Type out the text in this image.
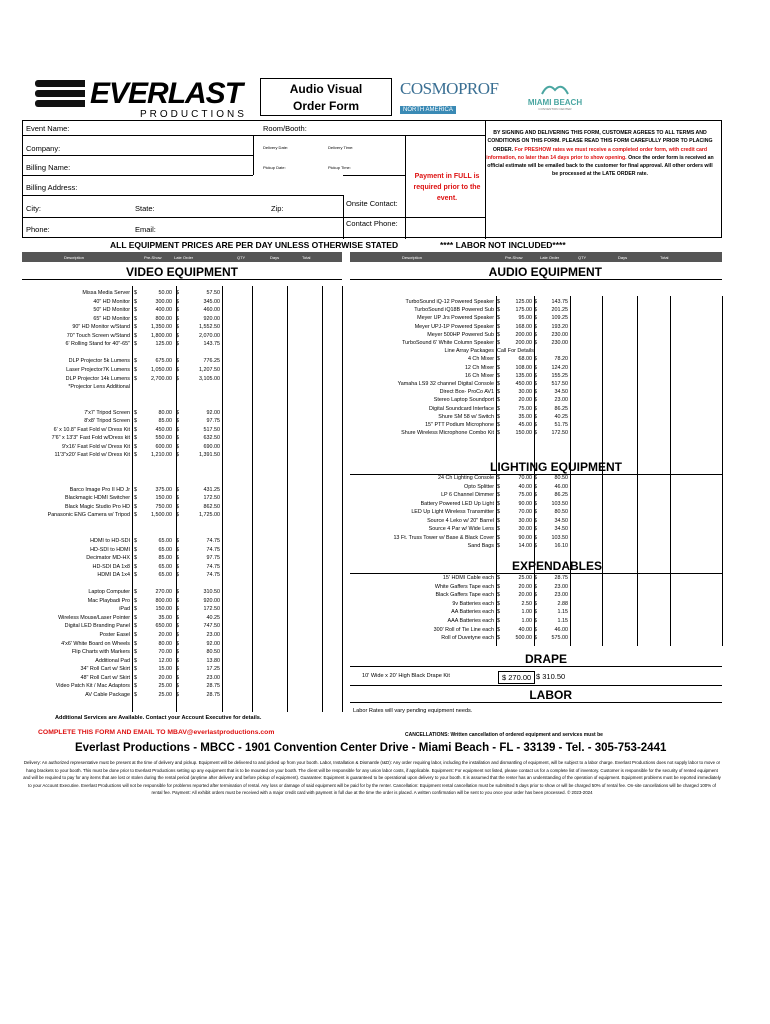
EVERLAST
PRODUCTIONS
Audio Visual
Order Form
COSMOPROF
NORTH AMERICA
MIAMI BEACH
CONVENTION CENTER
Event Name:	Room/Booth:
Company:	Delivery Date:	Delivery Time:
Billing Name:	Pickup Date:	Pickup Time:
Billing Address:
City:	State:	Zip:
Phone:	Email:
Onsite Contact:
Contact Phone:
Payment in FULL is required prior to the event.
BY SIGNING AND DELIVERING THIS FORM, CUSTOMER AGREES TO ALL TERMS AND CONDITIONS ON THIS FORM. PLEASE READ THIS FORM CAREFULLY PRIOR TO PLACING ORDER. For PRESHOW rates we must receive a completed order form, with credit card information, no later than 14 days prior to show opening. Once the order form is received an official estimate will be emailed back to the customer for final approval. All other orders will be processed at the LATE ORDER rate.
ALL EQUIPMENT PRICES ARE PER DAY UNLESS OTHERWISE STATED	**** LABOR NOT INCLUDED****
Description	Pre-Show	Late Order	QTY	Days	Total	Description	Pre-Show	Late Order	QTY	Days	Total
VIDEO EQUIPMENT	AUDIO EQUIPMENT
Missa Media Server $	50.00 $	57.50
40" HD Monitor $	300.00 $	345.00
50" HD Monitor $	400.00 $	460.00
65" HD Monitor $	800.00 $	920.00
90" HD Monitor w/Stand $	1,350.00 $	1,552.50
70" Touch Screen w/Stand $	1,800.00 $	2,070.00
6' Rolling Stand for 40"-65" $	125.00 $	143.75
DLP Projector 5k Lumens $	675.00 $	776.25
Laser Projector7K Lumens $	1,050.00 $	1,207.50
DLP Projector 14k Lumens $	2,700.00 $	3,105.00
*Projector Lens Additional
7'x7' Tripod Screen $	80.00 $	92.00
8'x8' Tripod Screen $	85.00 $	97.75
6' x 10.8" Fast Fold w/ Dress Kit $	450.00 $	517.50
7'6" x 13'3" Fast Fold w/Dress kit $	550.00 $	632.50
9'x16' Fast Fold w/ Dress Kit $	600.00 $	690.00
11'3"x20' Fast Fold w/ Dress Kit $	1,210.00 $	1,391.50
Barco Image Pro II HD Jr $	375.00 $	431.25
Blackmagic HDMI Switcher $	150.00 $	172.50
Black Magic Studio Pro HD $	750.00 $	862.50
Panasonic ENG Camera w/ Tripod $	1,500.00 $	1,725.00
HDMI to HD-SDI $	65.00 $	74.75
HD-SDI to HDMI $	65.00 $	74.75
Decimator MD-HX $	85.00 $	97.75
HD-SDI DA 1x8 $	65.00 $	74.75
HDMI DA 1x4 $	65.00 $	74.75
Laptop Computer $	270.00 $	310.50
Mac Playbadi Pro $	800.00 $	920.00
iPad $	150.00 $	172.50
Wireless Mouse/Laser Pointer $	35.00 $	40.25
Digital LED Branding Panel $	650.00 $	747.50
Poster Easel $	20.00 $	23.00
4'x6' White Board on Wheels $	80.00 $	92.00
Flip Charts with Markers $	70.00 $	80.50
Additional Pad $	12.00 $	13.80
34" Roll Cart w/ Skirt $	15.00 $	17.25
48" Roll Cart w/ Skirt $	20.00 $	23.00
Video Patch Kit / Mac Adaptors $	25.00 $	28.75
AV Cable Package $	25.00 $	28.75
TurboSound iQ-12 Powered Speaker $	125.00 $	143.75
TurboSound iQ18B Powered Sub $	175.00 $	201.25
Meyer UP Jrs Powered Speaker $	95.00 $	109.25
Meyer UPJ-1P Powered Speaker $	168.00 $	193.20
Meyer 500HP Powered Sub $	200.00 $	230.00
TurboSound 6' White Column Speaker $	200.00 $	230.00
Line Array Packages Call For Details
4 Ch Mixer $	68.00 $	78.20
12 Ch Mixer $	108.00 $	124.20
16 Ch Mixer $	135.00 $	155.25
Yamaha LS9 32 channel Digital Console $	450.00 $	517.50
Direct Box- ProCo AV1 $	30.00 $	34.50
Stereo Laptop Soundport $	20.00 $	23.00
Digital Soundcard Interface $	75.00 $	86.25
Shure SM 58 w/ Switch $	35.00 $	40.25
15" PTT Podium Microphone $	45.00 $	51.75
Shure Wireless Microphone Combo Kit $	150.00 $	172.50
LIGHTING EQUIPMENT
24 Ch Lighting Console $	70.00 $	80.50
Opto Splitter $	40.00 $	46.00
LP 6 Channel Dimmer $	75.00 $	86.25
Battery Powered LED Up Light $	90.00 $	103.50
LED Up Light Wireless Transmitter $	70.00 $	80.50
Source 4 Leko w/ 20" Barrel $	30.00 $	34.50
Source 4 Par w/ Wide Lens $	30.00 $	34.50
13 Ft. Truss Tower w/ Base & Black Cover $	90.00 $	103.50
Sand Bags $	14.00 $	16.10
EXPENDABLES
15' HDMI Cable each $	25.00 $	28.75
White Gaffers Tape each $	20.00 $	23.00
Black Gaffers Tape each $	20.00 $	23.00
9v Batteries each $	2.50 $	2.88
AA Batteries each $	1.00 $	1.15
AAA Batteries each $	1.00 $	1.15
300' Roll of Tie Line each $	40.00 $	46.00
Roll of Duvetyne each $	500.00 $	575.00
DRAPE
10' Wide x 20' High Black Drape Kit	$ 270.00 $ 310.50
LABOR
Labor Rates will vary pending equipment needs.
Additional Services are Available. Contact your Account Executive for details.
COMPLETE THIS FORM AND EMAIL TO MBAV@everlastproductions.com	CANCELLATIONS: Written cancellation of ordered equipment and services must be
Everlast Productions - MBCC - 1901 Convention Center Drive - Miami Beach - FL - 33139 - Tel. - 305-753-2441
Delivery: An authorized representative must be present at the time of delivery and pickup. Equipment will be delivered to and picked up from your booth. Labor, Installation & Dismantle (I&D): Any order requiring labor, including the installation and dismantling of equipment, will be subject to a labor charge. Everlast Productions does not supply labor to move or hang brackets to your booth. This must be done prior to Everlast Productions setting up any equipment that is to be mounted on your booth. The client will be responsible for any union labor costs, if applicable. Equipment: For equipment not listed, please contact us for a complete list of inventory. Customer is responsible for the security of rented equipment and will be required to pay for any items that are lost or stolen during the rental period (anytime after delivery and before pickup of equipment). Guarantee: Equipment is guaranteed to be operational upon delivery to your booth. It is assumed that the renter has an understanding of the operation of equipment. Equipment problems must be reported immediately to your Account Executive. Everlast Productions will not be responsible for problems reported after termination of rental. Any loss or damage of said equipment will be paid for by the renter. Cancellation: Equipment rental cancellation must be submitted 5 days prior to show or will be charged 50% of rental fee. On-site cancellations will be charged 100% of rental fee. Payment: All exhibit orders must be received with a major credit card with payment in full due at the time the order is placed. A written confirmation will be sent to you once your order has been processed. © 2023-2024
